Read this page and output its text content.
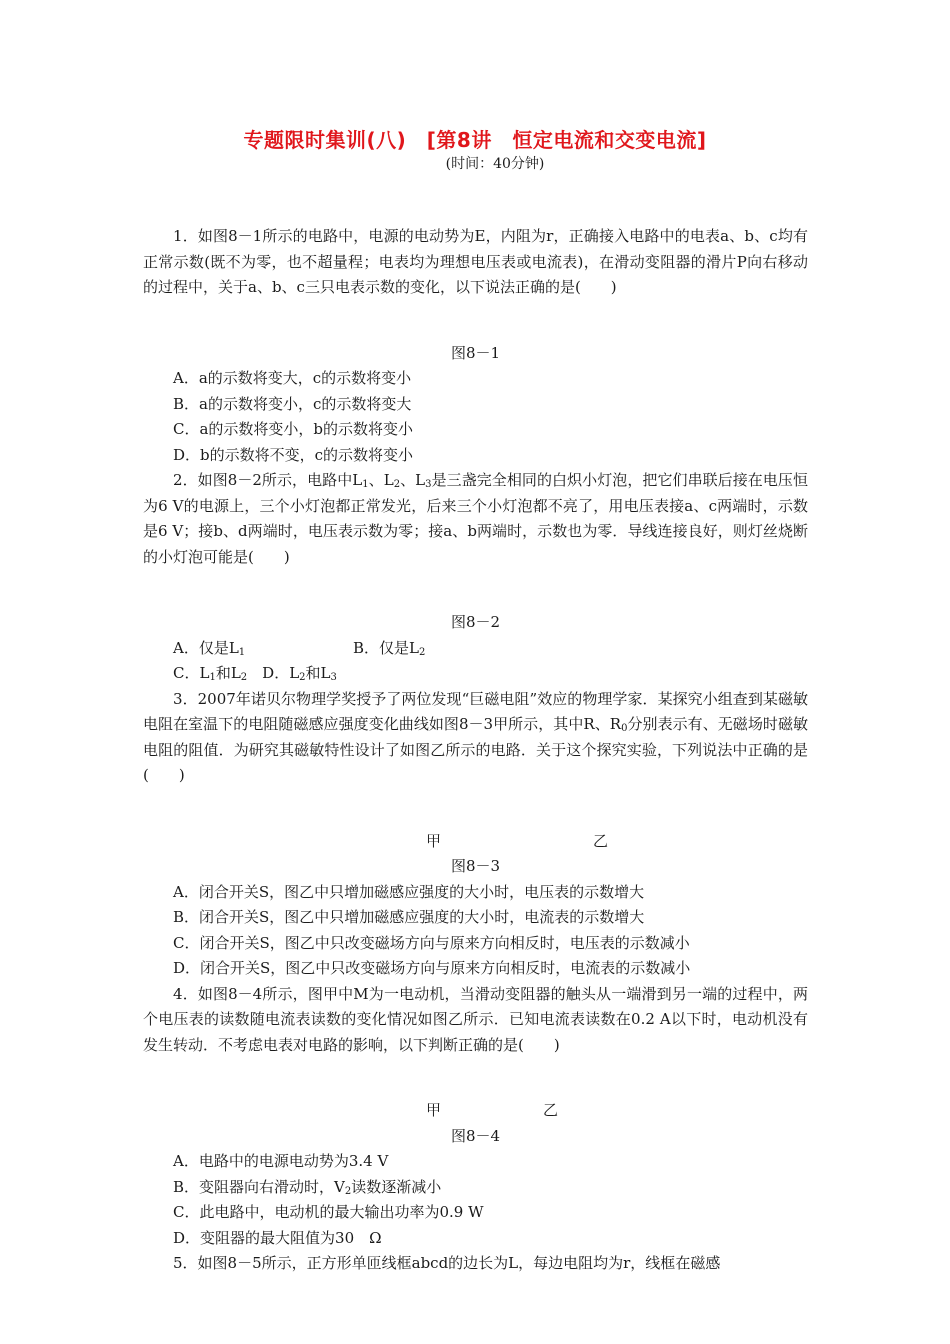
专题限时集训(八)　[第8讲　恒定电流和交变电流]
(时间：40分钟)

1．如图8－1所示的电路中，电源的电动势为E，内阻为r，正确接入电路中的电表a、b、c均有正常示数(既不为零，也不超量程；电表均为理想电压表或电流表)，在滑动变阻器的滑片P向右移动的过程中，关于a、b、c三只电表示数的变化，以下说法正确的是(　　)

图8－1

A．a的示数将变大，c的示数将变小

B．a的示数将变小，c的示数将变大

C．a的示数将变小，b的示数将变小

D．b的示数将不变，c的示数将变小

2．如图8－2所示，电路中$L_1$、$L_2$、$L_3$是三盏完全相同的白炽小灯泡，把它们串联后接在电压恒为6 V的电源上，三个小灯泡都正常发光，后来三个小灯泡都不亮了，用电压表接a、c两端时，示数是6 V；接b、d两端时，电压表示数为零；接a、b两端时，示数也为零．导线连接良好，则灯丝烧断的小灯泡可能是(　　)

图8－2

A．仅是$L_1$	B．仅是$L_2$

C．$L_1$和$L_2$　D．$L_2$和$L_3$

3．2007年诺贝尔物理学奖授予了两位发现“巨磁电阻”效应的物理学家．某探究小组查到某磁敏电阻在室温下的电阻随磁感应强度变化曲线如图8－3甲所示，其中R、$R_0$分别表示有、无磁场时磁敏电阻的阻值．为研究其磁敏特性设计了如图乙所示的电路．关于这个探究实验，下列说法中正确的是(　　)

甲	乙

图8－3

A．闭合开关S，图乙中只增加磁感应强度的大小时，电压表的示数增大

B．闭合开关S，图乙中只增加磁感应强度的大小时，电流表的示数增大

C．闭合开关S，图乙中只改变磁场方向与原来方向相反时，电压表的示数减小

D．闭合开关S，图乙中只改变磁场方向与原来方向相反时，电流表的示数减小

4．如图8－4所示，图甲中M为一电动机，当滑动变阻器的触头从一端滑到另一端的过程中，两个电压表的读数随电流表读数的变化情况如图乙所示．已知电流表读数在0.2 A以下时，电动机没有发生转动．不考虑电表对电路的影响，以下判断正确的是(　　)

甲	乙

图8－4

A．电路中的电源电动势为3.4 V

B．变阻器向右滑动时，$V_2$读数逐渐减小

C．此电路中，电动机的最大输出功率为0.9 W

D．变阻器的最大阻值为30　Ω

5．如图8－5所示，正方形单匝线框abcd的边长为L，每边电阻均为r，线框在磁感
